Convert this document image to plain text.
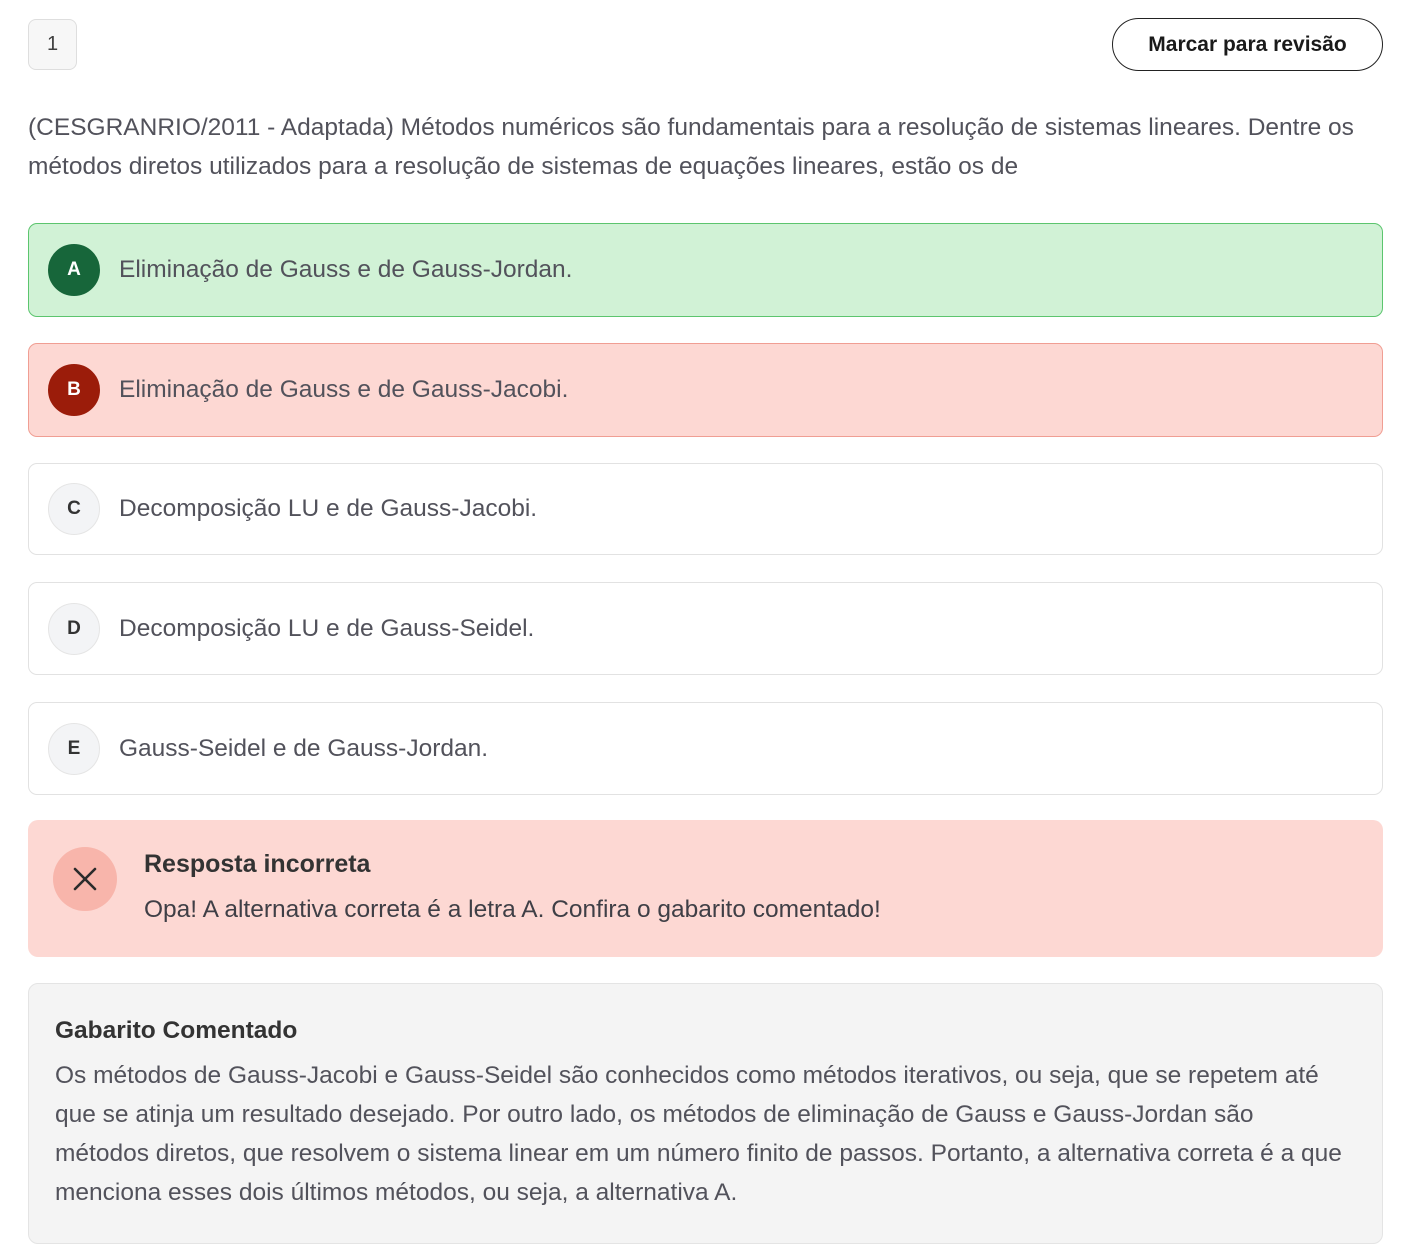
1	Marcar para revisão
(CESGRANRIO/2011 - Adaptada) Métodos numéricos são fundamentais para a resolução de sistemas lineares. Dentre os métodos diretos utilizados para a resolução de sistemas de equações lineares, estão os de
A	Eliminação de Gauss e de Gauss-Jordan.
B	Eliminação de Gauss e de Gauss-Jacobi.
C	Decomposição LU e de Gauss-Jacobi.
D	Decomposição LU e de Gauss-Seidel.
E	Gauss-Seidel e de Gauss-Jordan.
Resposta incorreta
Opa! A alternativa correta é a letra A. Confira o gabarito comentado!
Gabarito Comentado
Os métodos de Gauss-Jacobi e Gauss-Seidel são conhecidos como métodos iterativos, ou seja, que se repetem até que se atinja um resultado desejado. Por outro lado, os métodos de eliminação de Gauss e Gauss-Jordan são métodos diretos, que resolvem o sistema linear em um número finito de passos. Portanto, a alternativa correta é a que menciona esses dois últimos métodos, ou seja, a alternativa A.
